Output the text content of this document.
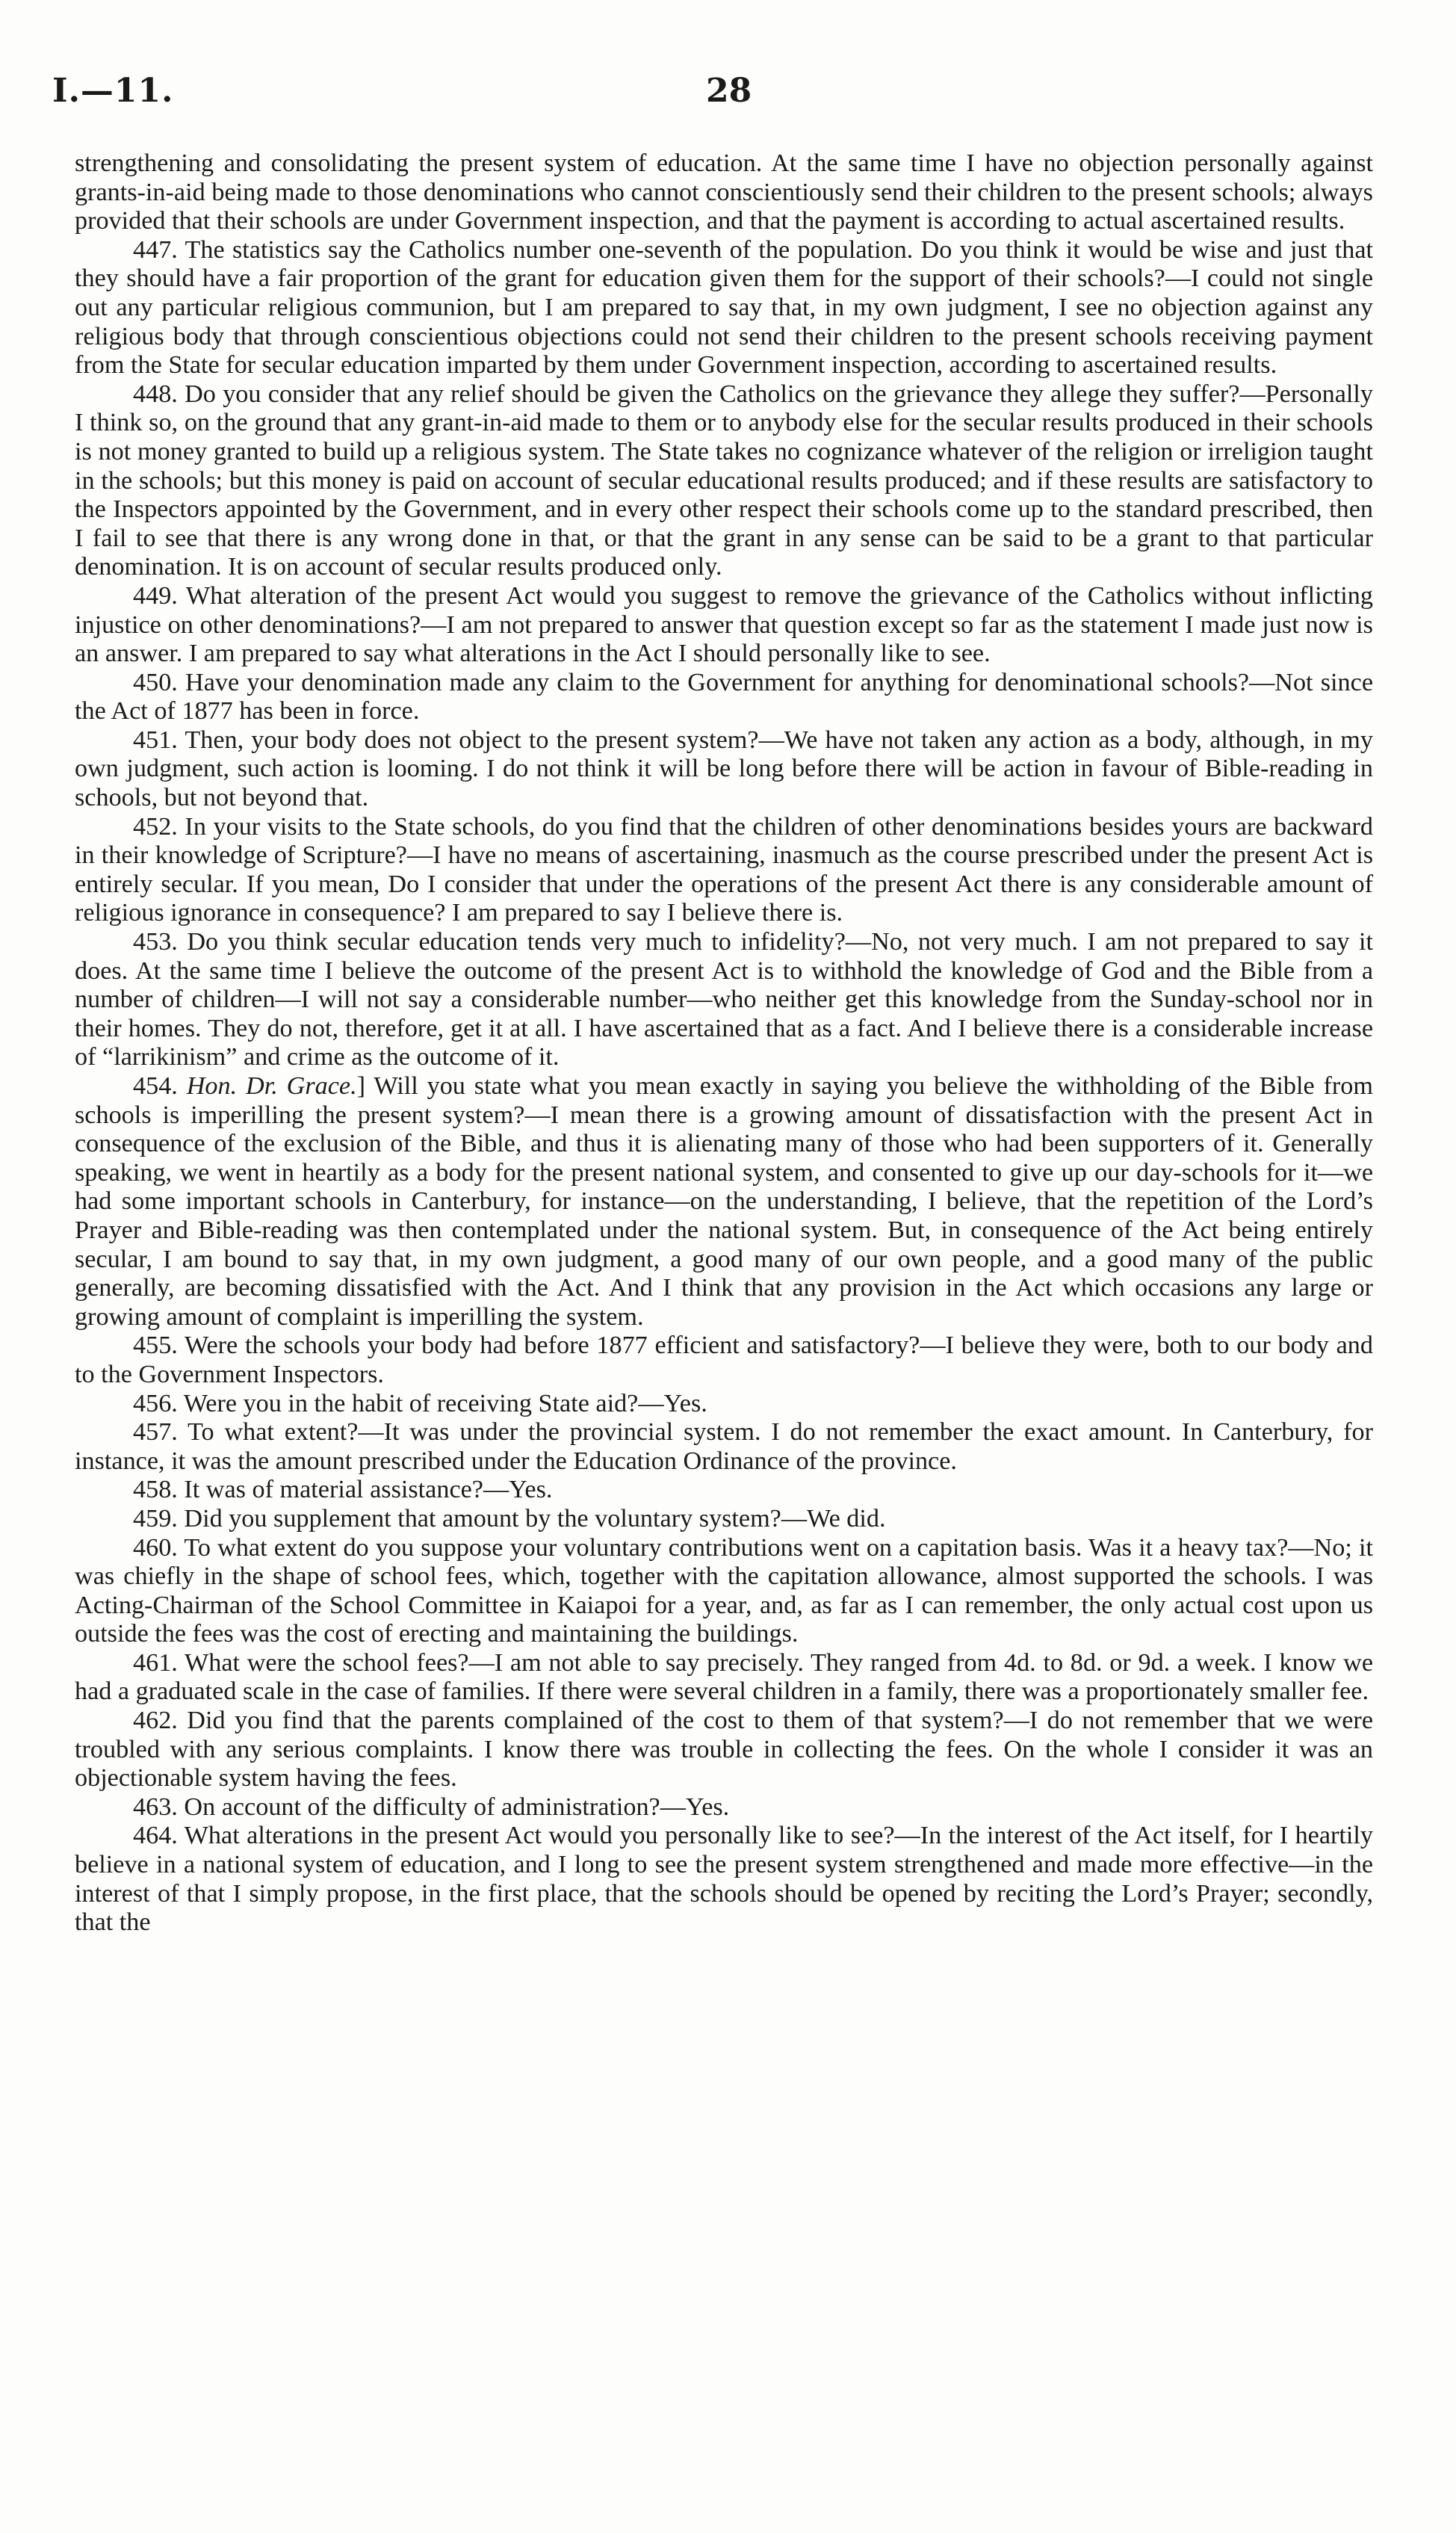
I.—11.	28

strengthening and consolidating the present system of education. At the same time I have no objection personally against grants-in-aid being made to those denominations who cannot conscientiously send their children to the present schools; always provided that their schools are under Government inspection, and that the payment is according to actual ascertained results.

447. The statistics say the Catholics number one-seventh of the population. Do you think it would be wise and just that they should have a fair proportion of the grant for education given them for the support of their schools?—I could not single out any particular religious communion, but I am prepared to say that, in my own judgment, I see no objection against any religious body that through conscientious objections could not send their children to the present schools receiving payment from the State for secular education imparted by them under Government inspection, according to ascertained results.

448. Do you consider that any relief should be given the Catholics on the grievance they allege they suffer?—Personally I think so, on the ground that any grant-in-aid made to them or to anybody else for the secular results produced in their schools is not money granted to build up a religious system. The State takes no cognizance whatever of the religion or irreligion taught in the schools; but this money is paid on account of secular educational results produced; and if these results are satisfactory to the Inspectors appointed by the Government, and in every other respect their schools come up to the standard prescribed, then I fail to see that there is any wrong done in that, or that the grant in any sense can be said to be a grant to that particular denomination. It is on account of secular results produced only.

449. What alteration of the present Act would you suggest to remove the grievance of the Catholics without inflicting injustice on other denominations?—I am not prepared to answer that question except so far as the statement I made just now is an answer. I am prepared to say what alterations in the Act I should personally like to see.

450. Have your denomination made any claim to the Government for anything for denominational schools?—Not since the Act of 1877 has been in force.

451. Then, your body does not object to the present system?—We have not taken any action as a body, although, in my own judgment, such action is looming. I do not think it will be long before there will be action in favour of Bible-reading in schools, but not beyond that.

452. In your visits to the State schools, do you find that the children of other denominations besides yours are backward in their knowledge of Scripture?—I have no means of ascertaining, inasmuch as the course prescribed under the present Act is entirely secular. If you mean, Do I consider that under the operations of the present Act there is any considerable amount of religious ignorance in consequence? I am prepared to say I believe there is.

453. Do you think secular education tends very much to infidelity?—No, not very much. I am not prepared to say it does. At the same time I believe the outcome of the present Act is to withhold the knowledge of God and the Bible from a number of children—I will not say a considerable number—who neither get this knowledge from the Sunday-school nor in their homes. They do not, therefore, get it at all. I have ascertained that as a fact. And I believe there is a considerable increase of “larrikinism” and crime as the outcome of it.

454. Hon. Dr. Grace.] Will you state what you mean exactly in saying you believe the withholding of the Bible from schools is imperilling the present system?—I mean there is a growing amount of dissatisfaction with the present Act in consequence of the exclusion of the Bible, and thus it is alienating many of those who had been supporters of it. Generally speaking, we went in heartily as a body for the present national system, and consented to give up our day-schools for it—we had some important schools in Canterbury, for instance—on the understanding, I believe, that the repetition of the Lord’s Prayer and Bible-reading was then contemplated under the national system. But, in consequence of the Act being entirely secular, I am bound to say that, in my own judgment, a good many of our own people, and a good many of the public generally, are becoming dissatisfied with the Act. And I think that any provision in the Act which occasions any large or growing amount of complaint is imperilling the system.

455. Were the schools your body had before 1877 efficient and satisfactory?—I believe they were, both to our body and to the Government Inspectors.

456. Were you in the habit of receiving State aid?—Yes.

457. To what extent?—It was under the provincial system. I do not remember the exact amount. In Canterbury, for instance, it was the amount prescribed under the Education Ordinance of the province.

458. It was of material assistance?—Yes.

459. Did you supplement that amount by the voluntary system?—We did.

460. To what extent do you suppose your voluntary contributions went on a capitation basis. Was it a heavy tax?—No; it was chiefly in the shape of school fees, which, together with the capitation allowance, almost supported the schools. I was Acting-Chairman of the School Committee in Kaiapoi for a year, and, as far as I can remember, the only actual cost upon us outside the fees was the cost of erecting and maintaining the buildings.

461. What were the school fees?—I am not able to say precisely. They ranged from 4d. to 8d. or 9d. a week. I know we had a graduated scale in the case of families. If there were several children in a family, there was a proportionately smaller fee.

462. Did you find that the parents complained of the cost to them of that system?—I do not remember that we were troubled with any serious complaints. I know there was trouble in collecting the fees. On the whole I consider it was an objectionable system having the fees.

463. On account of the difficulty of administration?—Yes.

464. What alterations in the present Act would you personally like to see?—In the interest of the Act itself, for I heartily believe in a national system of education, and I long to see the present system strengthened and made more effective—in the interest of that I simply propose, in the first place, that the schools should be opened by reciting the Lord’s Prayer; secondly, that the
